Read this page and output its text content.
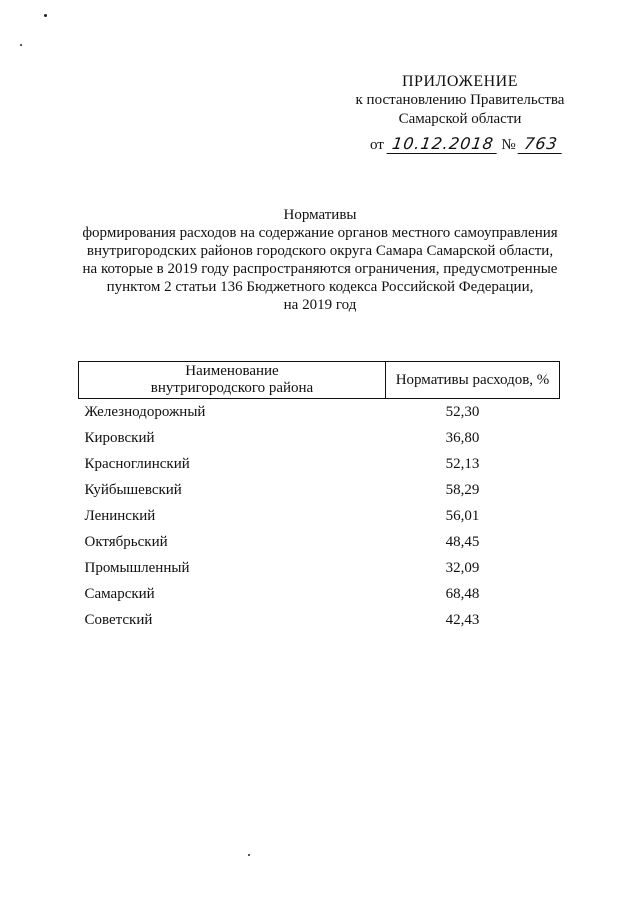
ПРИЛОЖЕНИЕ
к постановлению Правительства
Самарской области
от 10.12.2018 № 763
Нормативы
формирования расходов на содержание органов местного самоуправления
внутригородских районов городского округа Самара Самарской области,
на которые в 2019 году распространяются ограничения, предусмотренные
пунктом 2 статьи 136 Бюджетного кодекса Российской Федерации,
на 2019 год
Наименование
внутригородского района	Нормативы расходов, %
Железнодорожный	52,30
Кировский	36,80
Красноглинский	52,13
Куйбышевский	58,29
Ленинский	56,01
Октябрьский	48,45
Промышленный	32,09
Самарский	68,48
Советский	42,43
